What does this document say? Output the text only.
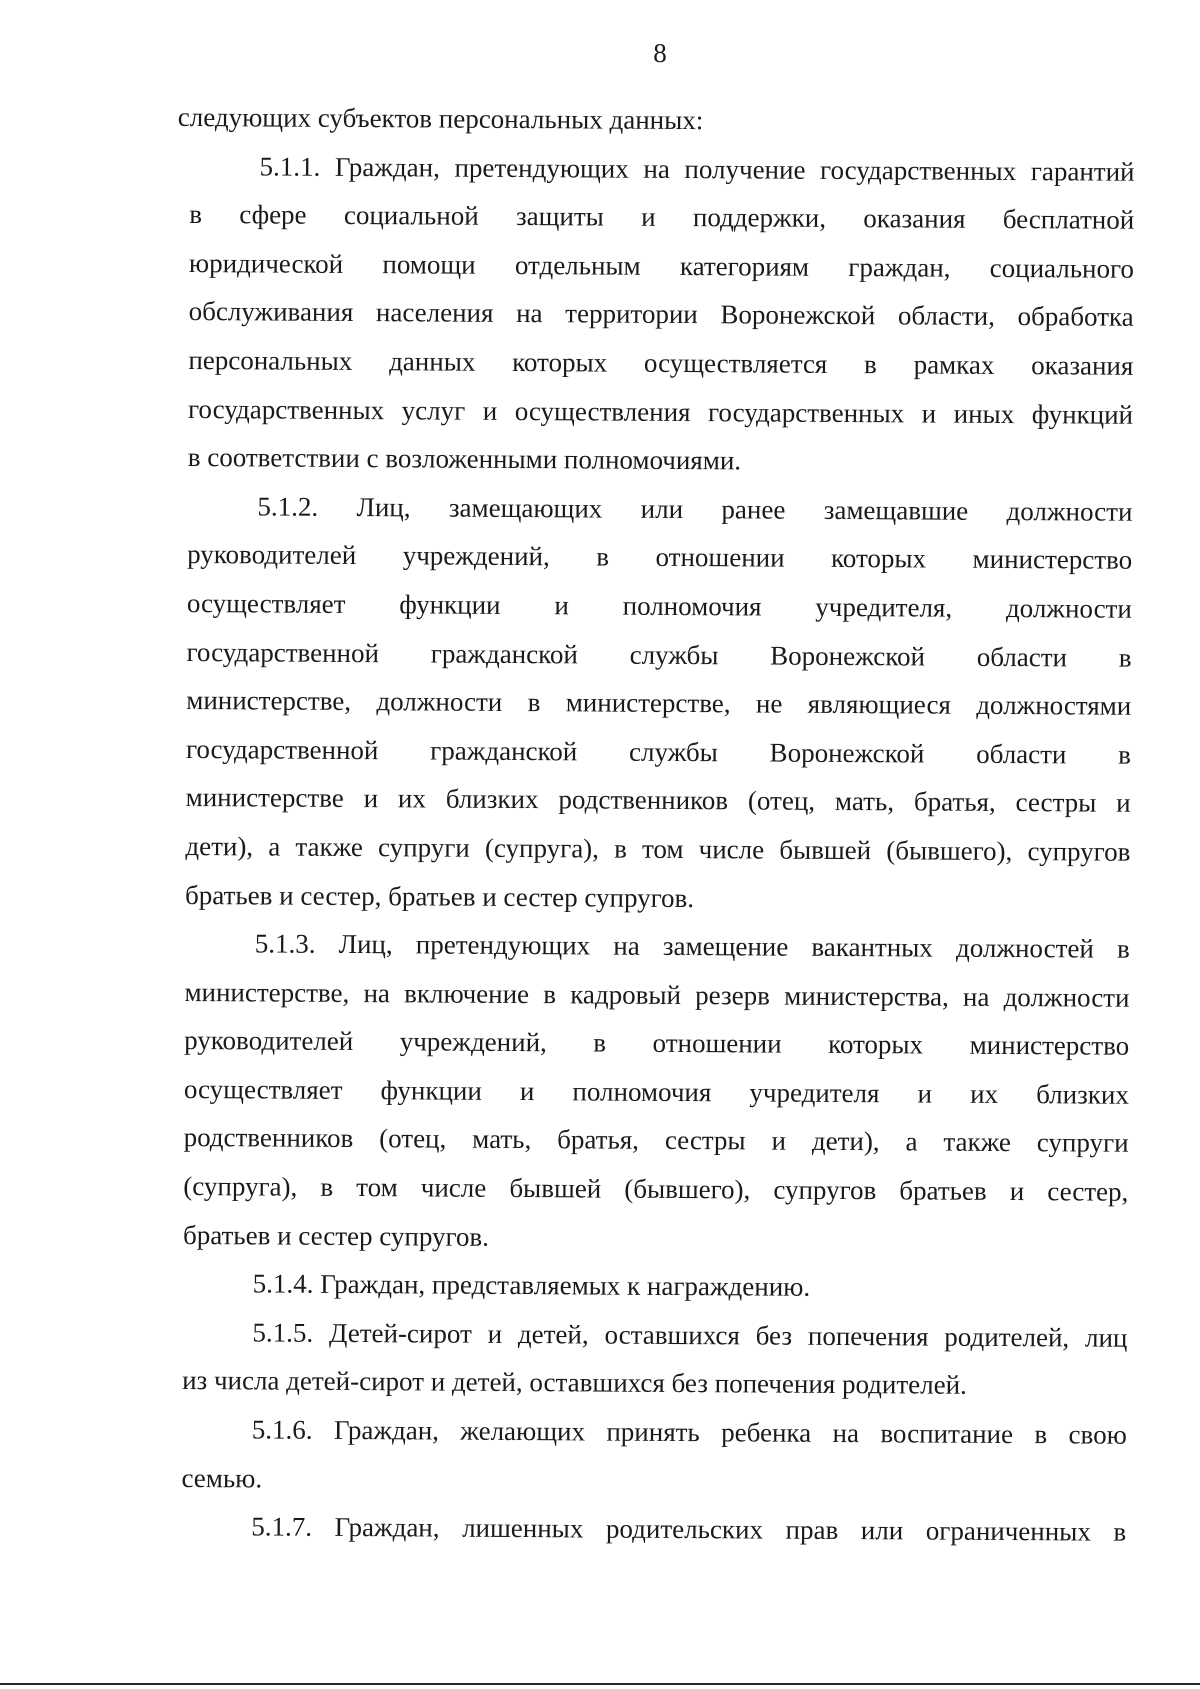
8
следующих субъектов персональных данных:
5.1.1. Граждан, претендующих на получение государственных гарантий
в сфере социальной защиты и поддержки, оказания бесплатной
юридической помощи отдельным категориям граждан, социального
обслуживания населения на территории Воронежской области, обработка
персональных данных которых осуществляется в рамках оказания
государственных услуг и осуществления государственных и иных функций
в соответствии с возложенными полномочиями.
5.1.2. Лиц, замещающих или ранее замещавшие должности
руководителей учреждений, в отношении которых министерство
осуществляет функции и полномочия учредителя, должности
государственной гражданской службы Воронежской области в
министерстве, должности в министерстве, не являющиеся должностями
государственной гражданской службы Воронежской области в
министерстве и их близких родственников (отец, мать, братья, сестры и
дети), а также супруги (супруга), в том числе бывшей (бывшего), супругов
братьев и сестер, братьев и сестер супругов.
5.1.3. Лиц, претендующих на замещение вакантных должностей в
министерстве, на включение в кадровый резерв министерства, на должности
руководителей учреждений, в отношении которых министерство
осуществляет функции и полномочия учредителя и их близких
родственников (отец, мать, братья, сестры и дети), а также супруги
(супруга), в том числе бывшей (бывшего), супругов братьев и сестер,
братьев и сестер супругов.
5.1.4. Граждан, представляемых к награждению.
5.1.5. Детей-сирот и детей, оставшихся без попечения родителей, лиц
из числа детей-сирот и детей, оставшихся без попечения родителей.
5.1.6. Граждан, желающих принять ребенка на воспитание в свою
семью.
5.1.7. Граждан, лишенных родительских прав или ограниченных в
